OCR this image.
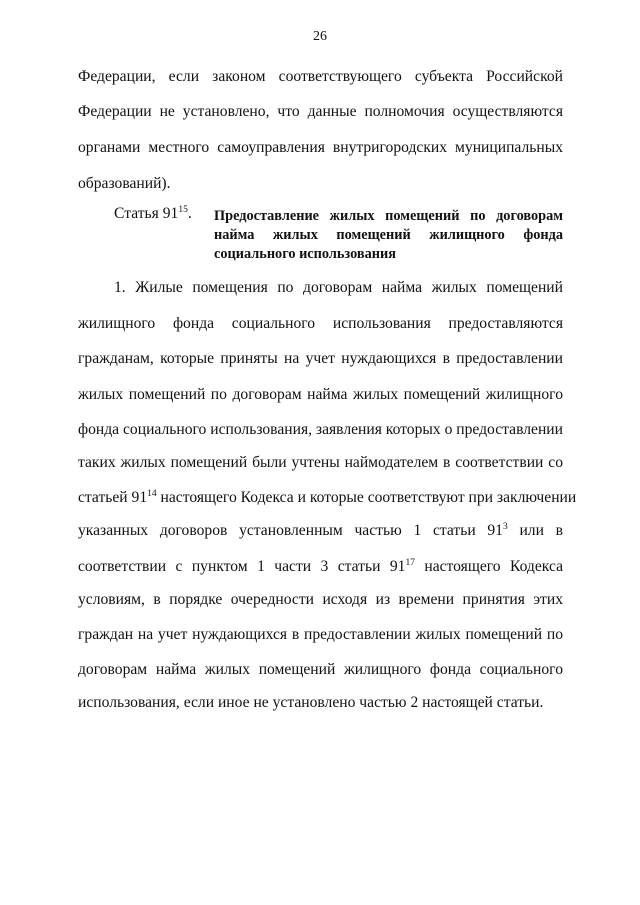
26
Федерации, если законом соответствующего субъекта Российской
Федерации не установлено, что данные полномочия осуществляются
органами местного самоуправления внутригородских муниципальных
образований).
Статья $91^{15}$. Предоставление жилых помещений по договорам
найма жилых помещений жилищного фонда
социального использования
1. Жилые помещения по договорам найма жилых помещений
жилищного фонда социального использования предоставляются
гражданам, которые приняты на учет нуждающихся в предоставлении
жилых помещений по договорам найма жилых помещений жилищного
фонда социального использования, заявления которых о предоставлении
таких жилых помещений были учтены наймодателем в соответствии со
статьей $91^{14}$ настоящего Кодекса и которые соответствуют при заключении
указанных договоров установленным частью 1 статьи $91^3$ или в
соответствии с пунктом 1 части 3 статьи $91^{17}$ настоящего Кодекса
условиям, в порядке очередности исходя из времени принятия этих
граждан на учет нуждающихся в предоставлении жилых помещений по
договорам найма жилых помещений жилищного фонда социального
использования, если иное не установлено частью 2 настоящей статьи.
